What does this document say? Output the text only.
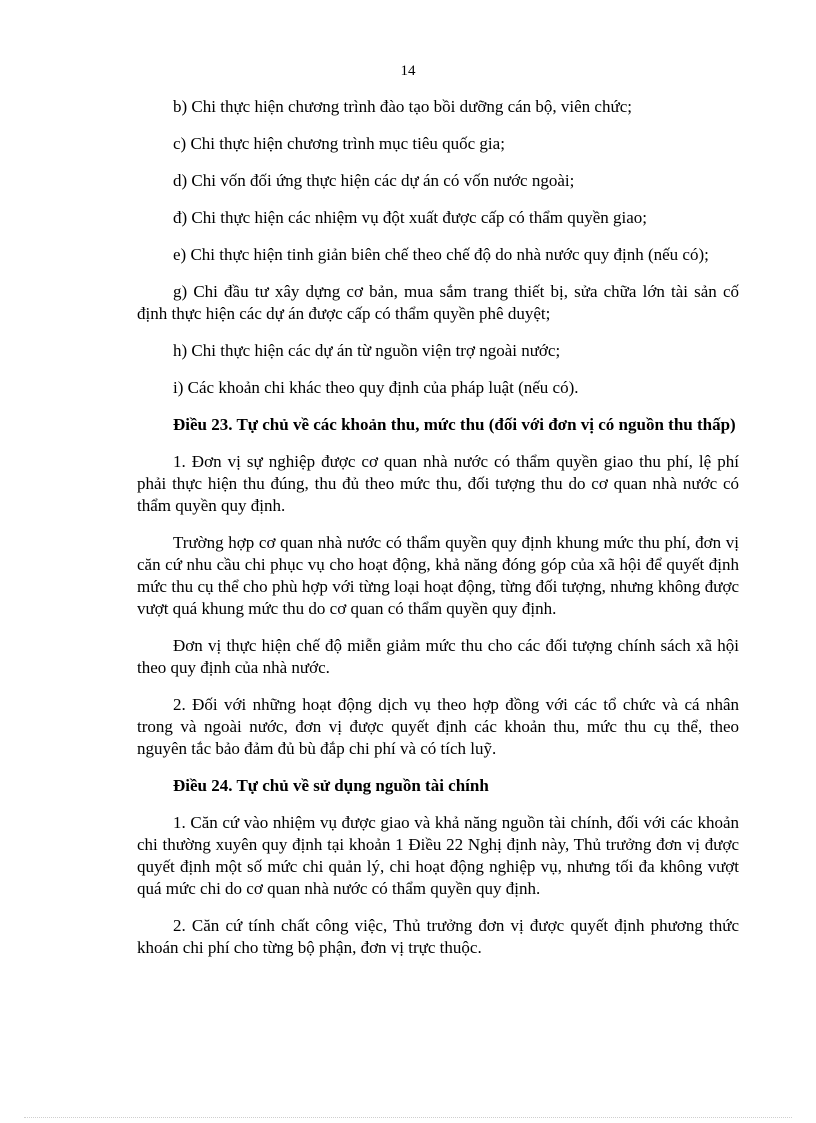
14

b) Chi thực hiện chương trình đào tạo bồi dưỡng cán bộ, viên chức;

c) Chi thực hiện chương trình mục tiêu quốc gia;

d) Chi vốn đối ứng thực hiện các dự án có vốn nước ngoài;

đ) Chi thực hiện các nhiệm vụ đột xuất được cấp có thẩm quyền giao;

e) Chi thực hiện tinh giản biên chế theo chế độ do nhà nước quy định (nếu có);

g) Chi đầu tư xây dựng cơ bản, mua sắm trang thiết bị, sửa chữa lớn tài sản cố định thực hiện các dự án được cấp có thẩm quyền phê duyệt;

h) Chi thực hiện các dự án từ nguồn viện trợ ngoài nước;

i) Các khoản chi khác theo quy định của pháp luật (nếu có).

Điều 23. Tự chủ về các khoản thu, mức thu (đối với đơn vị có nguồn thu thấp)

1. Đơn vị sự nghiệp được cơ quan nhà nước có thẩm quyền giao thu phí, lệ phí phải thực hiện thu đúng, thu đủ theo mức thu, đối tượng thu do cơ quan nhà nước có thẩm quyền quy định.

Trường hợp cơ quan nhà nước có thẩm quyền quy định khung mức thu phí, đơn vị căn cứ nhu cầu chi phục vụ cho hoạt động, khả năng đóng góp của xã hội để quyết định mức thu cụ thể cho phù hợp với từng loại hoạt động, từng đối tượng, nhưng không được vượt quá khung mức thu do cơ quan có thẩm quyền quy định.

Đơn vị thực hiện chế độ miễn giảm mức thu cho các đối tượng chính sách xã hội theo quy định của nhà nước.

2. Đối với những hoạt động dịch vụ theo hợp đồng với các tổ chức và cá nhân trong và ngoài nước, đơn vị được quyết định các khoản thu, mức thu cụ thể, theo nguyên tắc bảo đảm đủ bù đắp chi phí và có tích luỹ.

Điều 24. Tự chủ về sử dụng nguồn tài chính

1. Căn cứ vào nhiệm vụ được giao và khả năng nguồn tài chính, đối với các khoản chi thường xuyên quy định tại khoản 1 Điều 22 Nghị định này, Thủ trưởng đơn vị được quyết định một số mức chi quản lý, chi hoạt động nghiệp vụ, nhưng tối đa không vượt quá mức chi do cơ quan nhà nước có thẩm quyền quy định.

2. Căn cứ tính chất công việc, Thủ trưởng đơn vị được quyết định phương thức khoán chi phí cho từng bộ phận, đơn vị trực thuộc.
